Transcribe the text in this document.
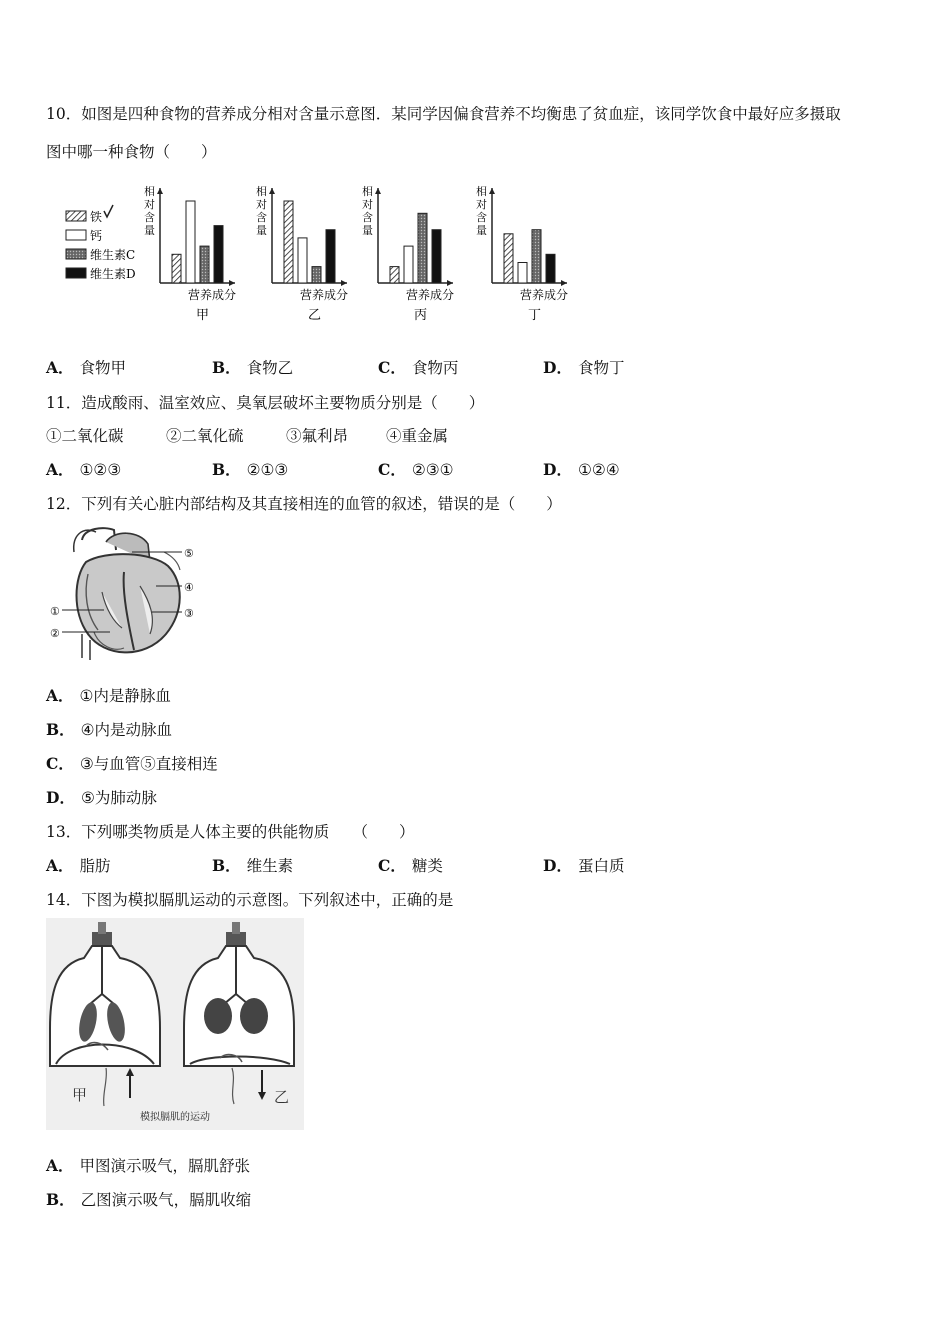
10．如图是四种食物的营养成分相对含量示意图．某同学因偏食营养不均衡患了贫血症，该同学饮食中最好应多摄取
图中哪一种食物（　　）
铁
钙
维生素C
维生素D
相
对
含
量
营养成分
甲
相
对
含
量
营养成分
乙
相
对
含
量
营养成分
丙
相
对
含
量
营养成分
丁
A． 食物甲	B． 食物乙	C． 食物丙	D． 食物丁
11．造成酸雨、温室效应、臭氧层破坏主要物质分别是（　　）
①二氧化碳	②二氧化硫	③氟利昂 ④重金属
A． ①②③	B． ②①③	C． ②③①	D． ①②④
12．下列有关心脏内部结构及其直接相连的血管的叙述，错误的是（　　）
①
②
③
④
⑤
A． ①内是静脉血
B． ④内是动脉血
C． ③与血管⑤直接相连
D． ⑤为肺动脉
13．下列哪类物质是人体主要的供能物质　　（　　）
A． 脂肪	B． 维生素	C． 糖类	D． 蛋白质
14．下图为模拟膈肌运动的示意图。下列叙述中，正确的是
甲	乙
模拟膈肌的运动
A． 甲图演示吸气，膈肌舒张
B． 乙图演示吸气，膈肌收缩
